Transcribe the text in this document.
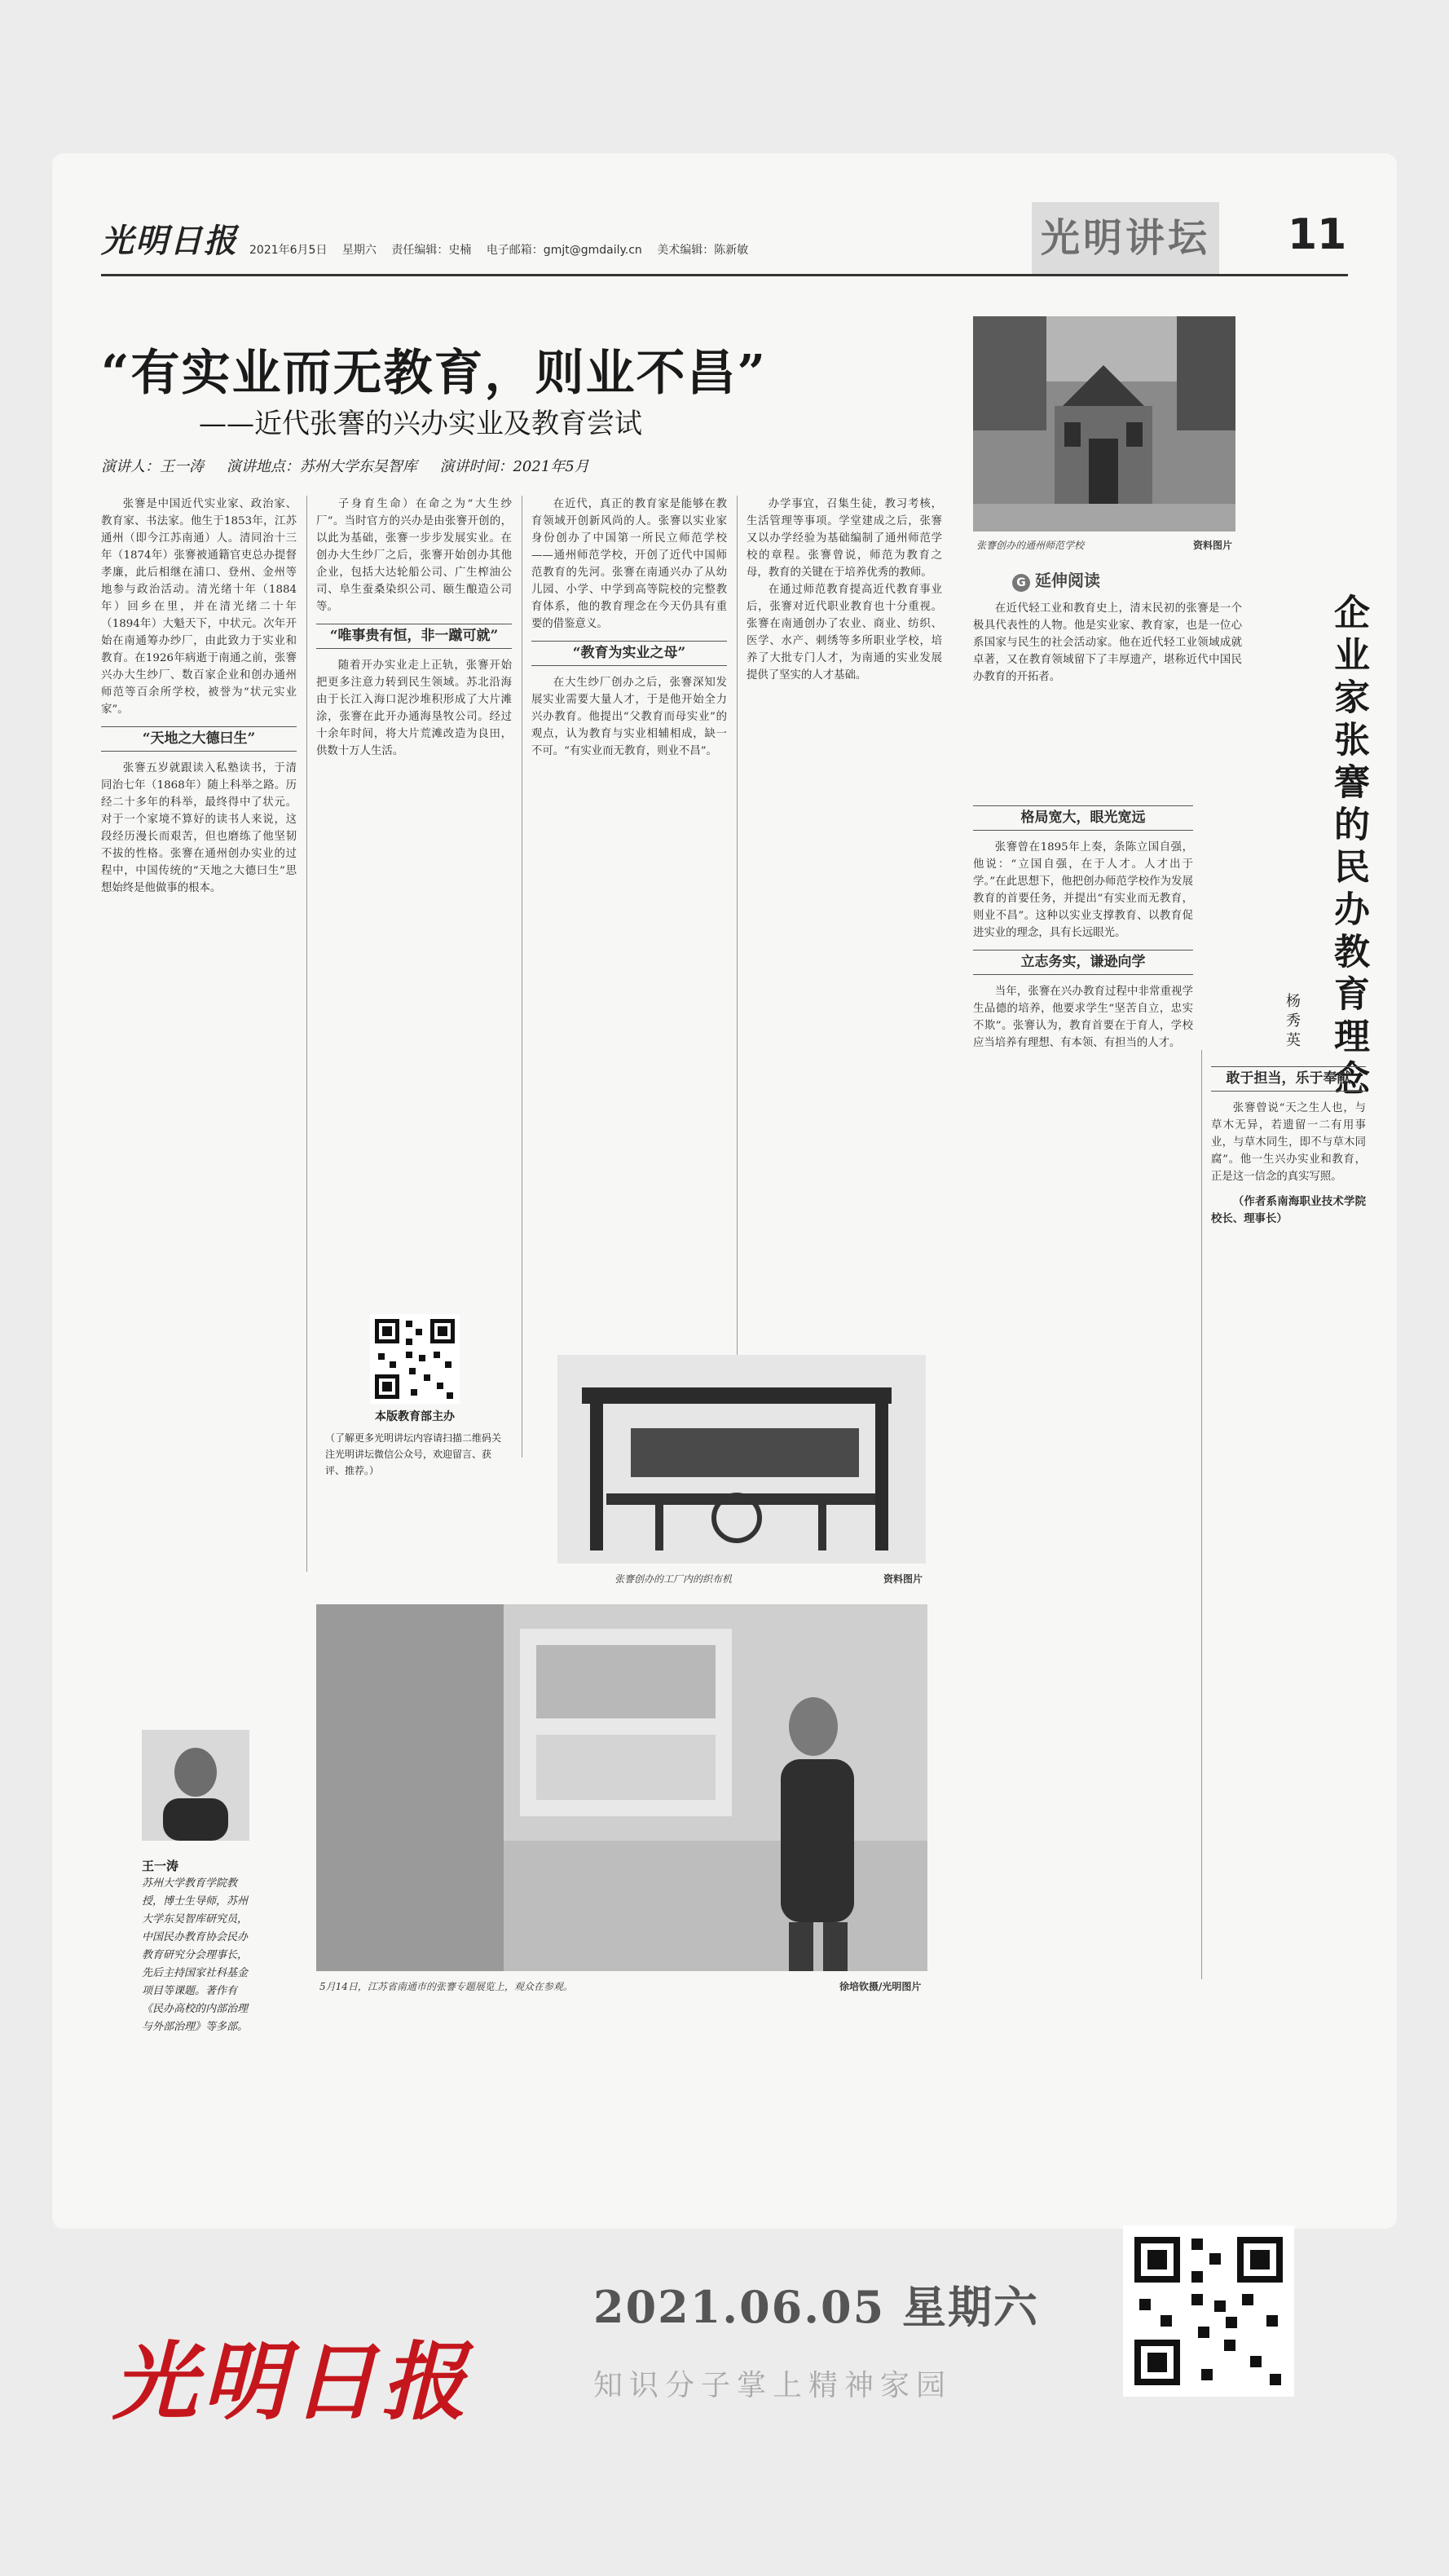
光明日报 2021年6月5日 星期六 责任编辑：史楠 电子邮箱：gmjt@gmdaily.cn 美术编辑：陈新敏	光明讲坛 11
“有实业而无教育，则业不昌”
——近代张謇的兴办实业及教育尝试
演讲人：王一涛 演讲地点：苏州大学东吴智库 演讲时间：2021年5月

张謇是中国近代实业家、政治家、教育家、书法家。他生于1853年，江苏通州（即今江苏南通）人。清同治十三年（1874年）张謇被通籍官吏总办提督孝廉，此后相继在浦口、登州、金州等地参与政治活动。清光绪十年（1884年）回乡在里，并在清光绪二十年（1894年）大魁天下，中状元。次年开始在南通筹办纱厂，由此致力于实业和教育。在1926年病逝于南通之前，张謇兴办大生纱厂、数百家企业和创办通州师范等百余所学校，被誉为“状元实业家”。

“天地之大德曰生”

张謇五岁就跟读入私塾读书，于清同治七年（1868年）随上科举之路。历经二十多年的科举，最终得中了状元。对于一个家境不算好的读书人来说，这段经历漫长而艰苦，但也磨练了他坚韧不拔的性格。张謇在通州创办实业的过程中，中国传统的“天地之大德曰生”思想始终是他做事的根本。

子身育生命）在命之为“大生纱厂”。当时官方的兴办是由张謇开创的，以此为基础，张謇一步步发展实业。在创办大生纱厂之后，张謇开始创办其他企业，包括大达轮船公司、广生榨油公司、阜生蚕桑染织公司、颐生酿造公司等。

“唯事贵有恒，非一蹴可就”

随着开办实业走上正轨，张謇开始把更多注意力转到民生领域。苏北沿海由于长江入海口泥沙堆积形成了大片滩涂，张謇在此开办通海垦牧公司。经过十余年时间，将大片荒滩改造为良田，供数十万人生活。

在近代，真正的教育家是能够在教育领域开创新风尚的人。张謇以实业家身份创办了中国第一所民立师范学校——通州师范学校，开创了近代中国师范教育的先河。张謇在南通兴办了从幼儿园、小学、中学到高等院校的完整教育体系，他的教育理念在今天仍具有重要的借鉴意义。

“教育为实业之母”

在大生纱厂创办之后，张謇深知发展实业需要大量人才，于是他开始全力兴办教育。他提出“父教育而母实业”的观点，认为教育与实业相辅相成，缺一不可。“有实业而无教育，则业不昌”。

办学事宜，召集生徒，教习考核，生活管理等事项。学堂建成之后，张謇又以办学经验为基础编制了通州师范学校的章程。张謇曾说，师范为教育之母，教育的关键在于培养优秀的教师。

在通过师范教育提高近代教育事业后，张謇对近代职业教育也十分重视。张謇在南通创办了农业、商业、纺织、医学、水产、刺绣等多所职业学校，培养了大批专门人才，为南通的实业发展提供了坚实的人才基础。

本版教育部主办
（了解更多光明讲坛内容请扫描二维码关注光明讲坛微信公众号，欢迎留言、获评、推荐。）
张謇创办的通州师范学校	资料图片
张謇创办的工厂内的织布机	资料图片
5月14日，江苏省南通市的张謇专题展览上，观众在参观。	徐培钦摄/光明图片
王一涛
苏州大学教育学院教授，博士生导师，苏州大学东吴智库研究员，中国民办教育协会民办教育研究分会理事长，先后主持国家社科基金项目等课题。著作有《民办高校的内部治理与外部治理》等多部。
G 延伸阅读

在近代轻工业和教育史上，清末民初的张謇是一个极具代表性的人物。他是实业家、教育家，也是一位心系国家与民生的社会活动家。他在近代轻工业领域成就卓著，又在教育领域留下了丰厚遗产，堪称近代中国民办教育的开拓者。	企业家张謇的民办教育理念
杨秀英
格局宽大，眼光宽远

张謇曾在1895年上奏，条陈立国自强，他说：“立国自强，在于人才。人才出于学。”在此思想下，他把创办师范学校作为发展教育的首要任务，并提出“有实业而无教育，则业不昌”。这种以实业支撑教育、以教育促进实业的理念，具有长远眼光。

立志务实，谦逊向学

当年，张謇在兴办教育过程中非常重视学生品德的培养，他要求学生“坚苦自立，忠实不欺”。张謇认为，教育首要在于育人，学校应当培养有理想、有本领、有担当的人才。

敢于担当，乐于奉献

张謇曾说“天之生人也，与草木无异，若遗留一二有用事业，与草木同生，即不与草木同腐”。他一生兴办实业和教育，正是这一信念的真实写照。

（作者系南海职业技术学院校长、理事长）

光明日报
2021.06.05 星期六
知识分子掌上精神家园
